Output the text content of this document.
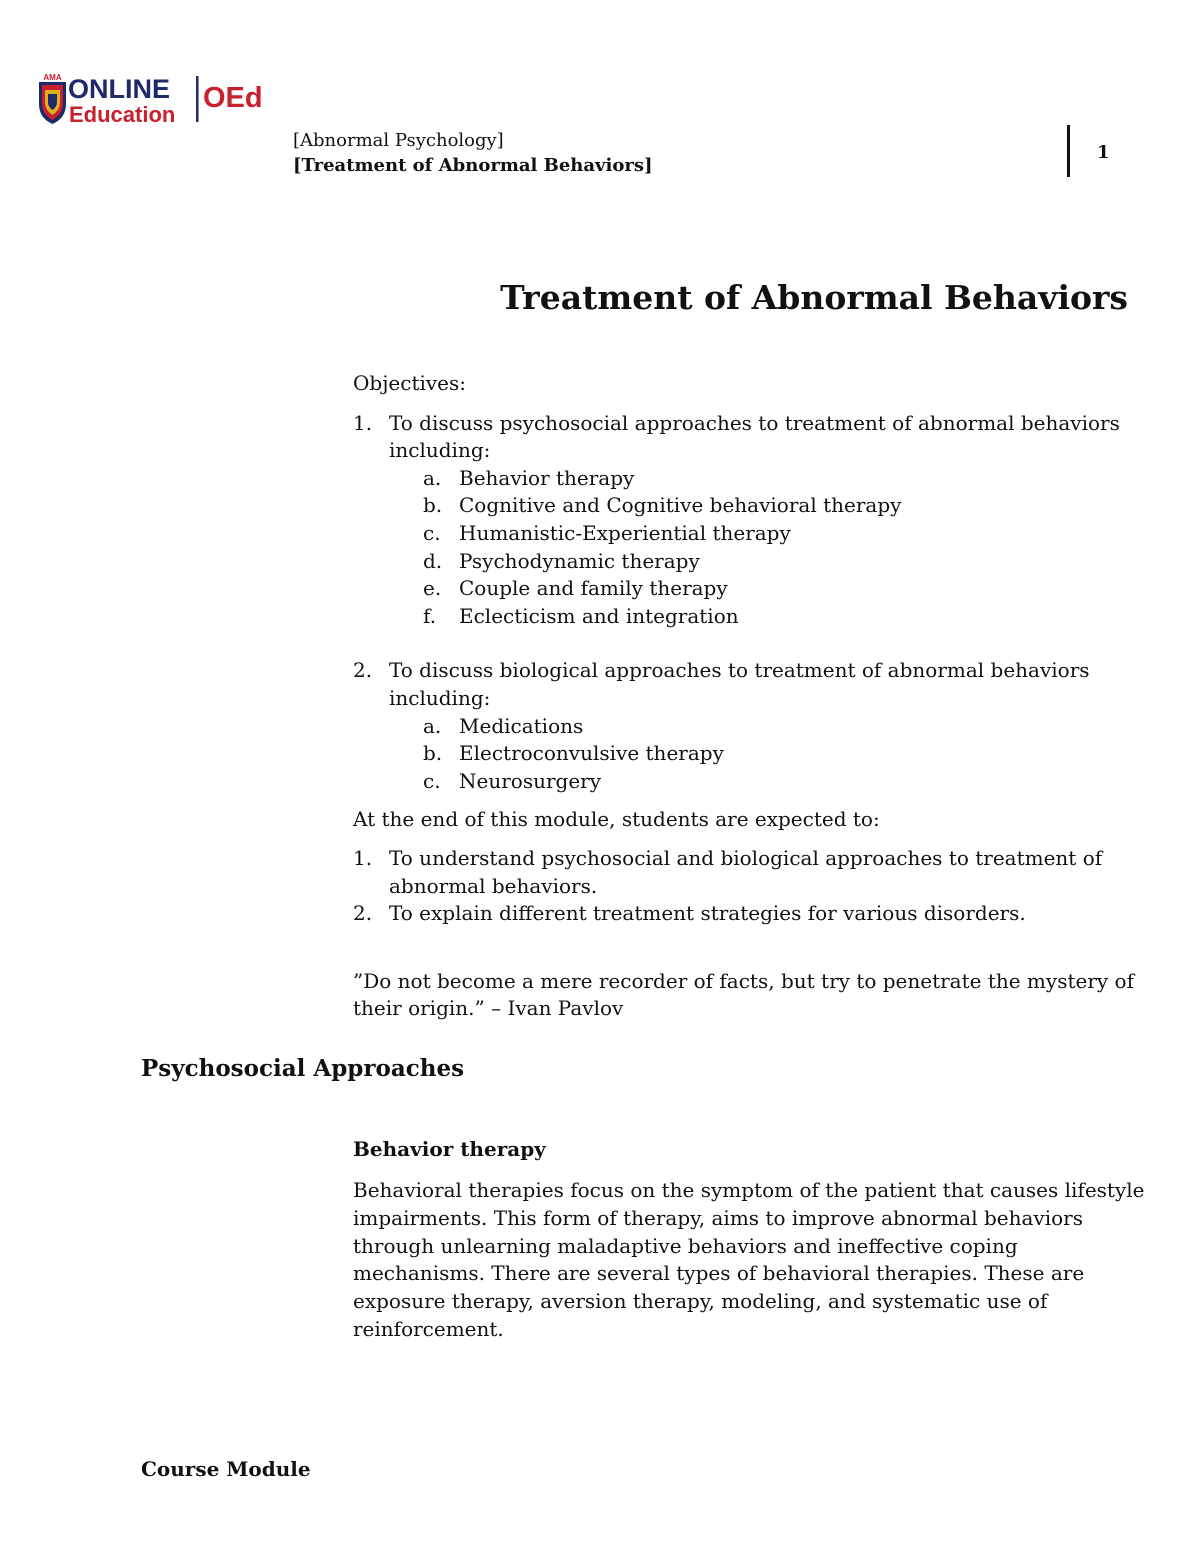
AMA ONLINE
Education
OEd
[Abnormal Psychology]
[Treatment of Abnormal Behaviors]
1
Treatment of Abnormal Behaviors

Objectives:

1. To discuss psychosocial approaches to treatment of abnormal behaviors including:
a. Behavior therapy
b. Cognitive and Cognitive behavioral therapy
c. Humanistic-Experiential therapy
d. Psychodynamic therapy
e. Couple and family therapy
f. Eclecticism and integration
2. To discuss biological approaches to treatment of abnormal behaviors including:
a. Medications
b. Electroconvulsive therapy
c. Neurosurgery

At the end of this module, students are expected to:

1. To understand psychosocial and biological approaches to treatment of abnormal behaviors.
2. To explain different treatment strategies for various disorders.

”Do not become a mere recorder of facts, but try to penetrate the mystery of their origin.” – Ivan Pavlov

Psychosocial Approaches
Behavior therapy

Behavioral therapies focus on the symptom of the patient that causes lifestyle impairments. This form of therapy, aims to improve abnormal behaviors through unlearning maladaptive behaviors and ineffective coping mechanisms. There are several types of behavioral therapies. These are exposure therapy, aversion therapy, modeling, and systematic use of reinforcement.

Course Module
